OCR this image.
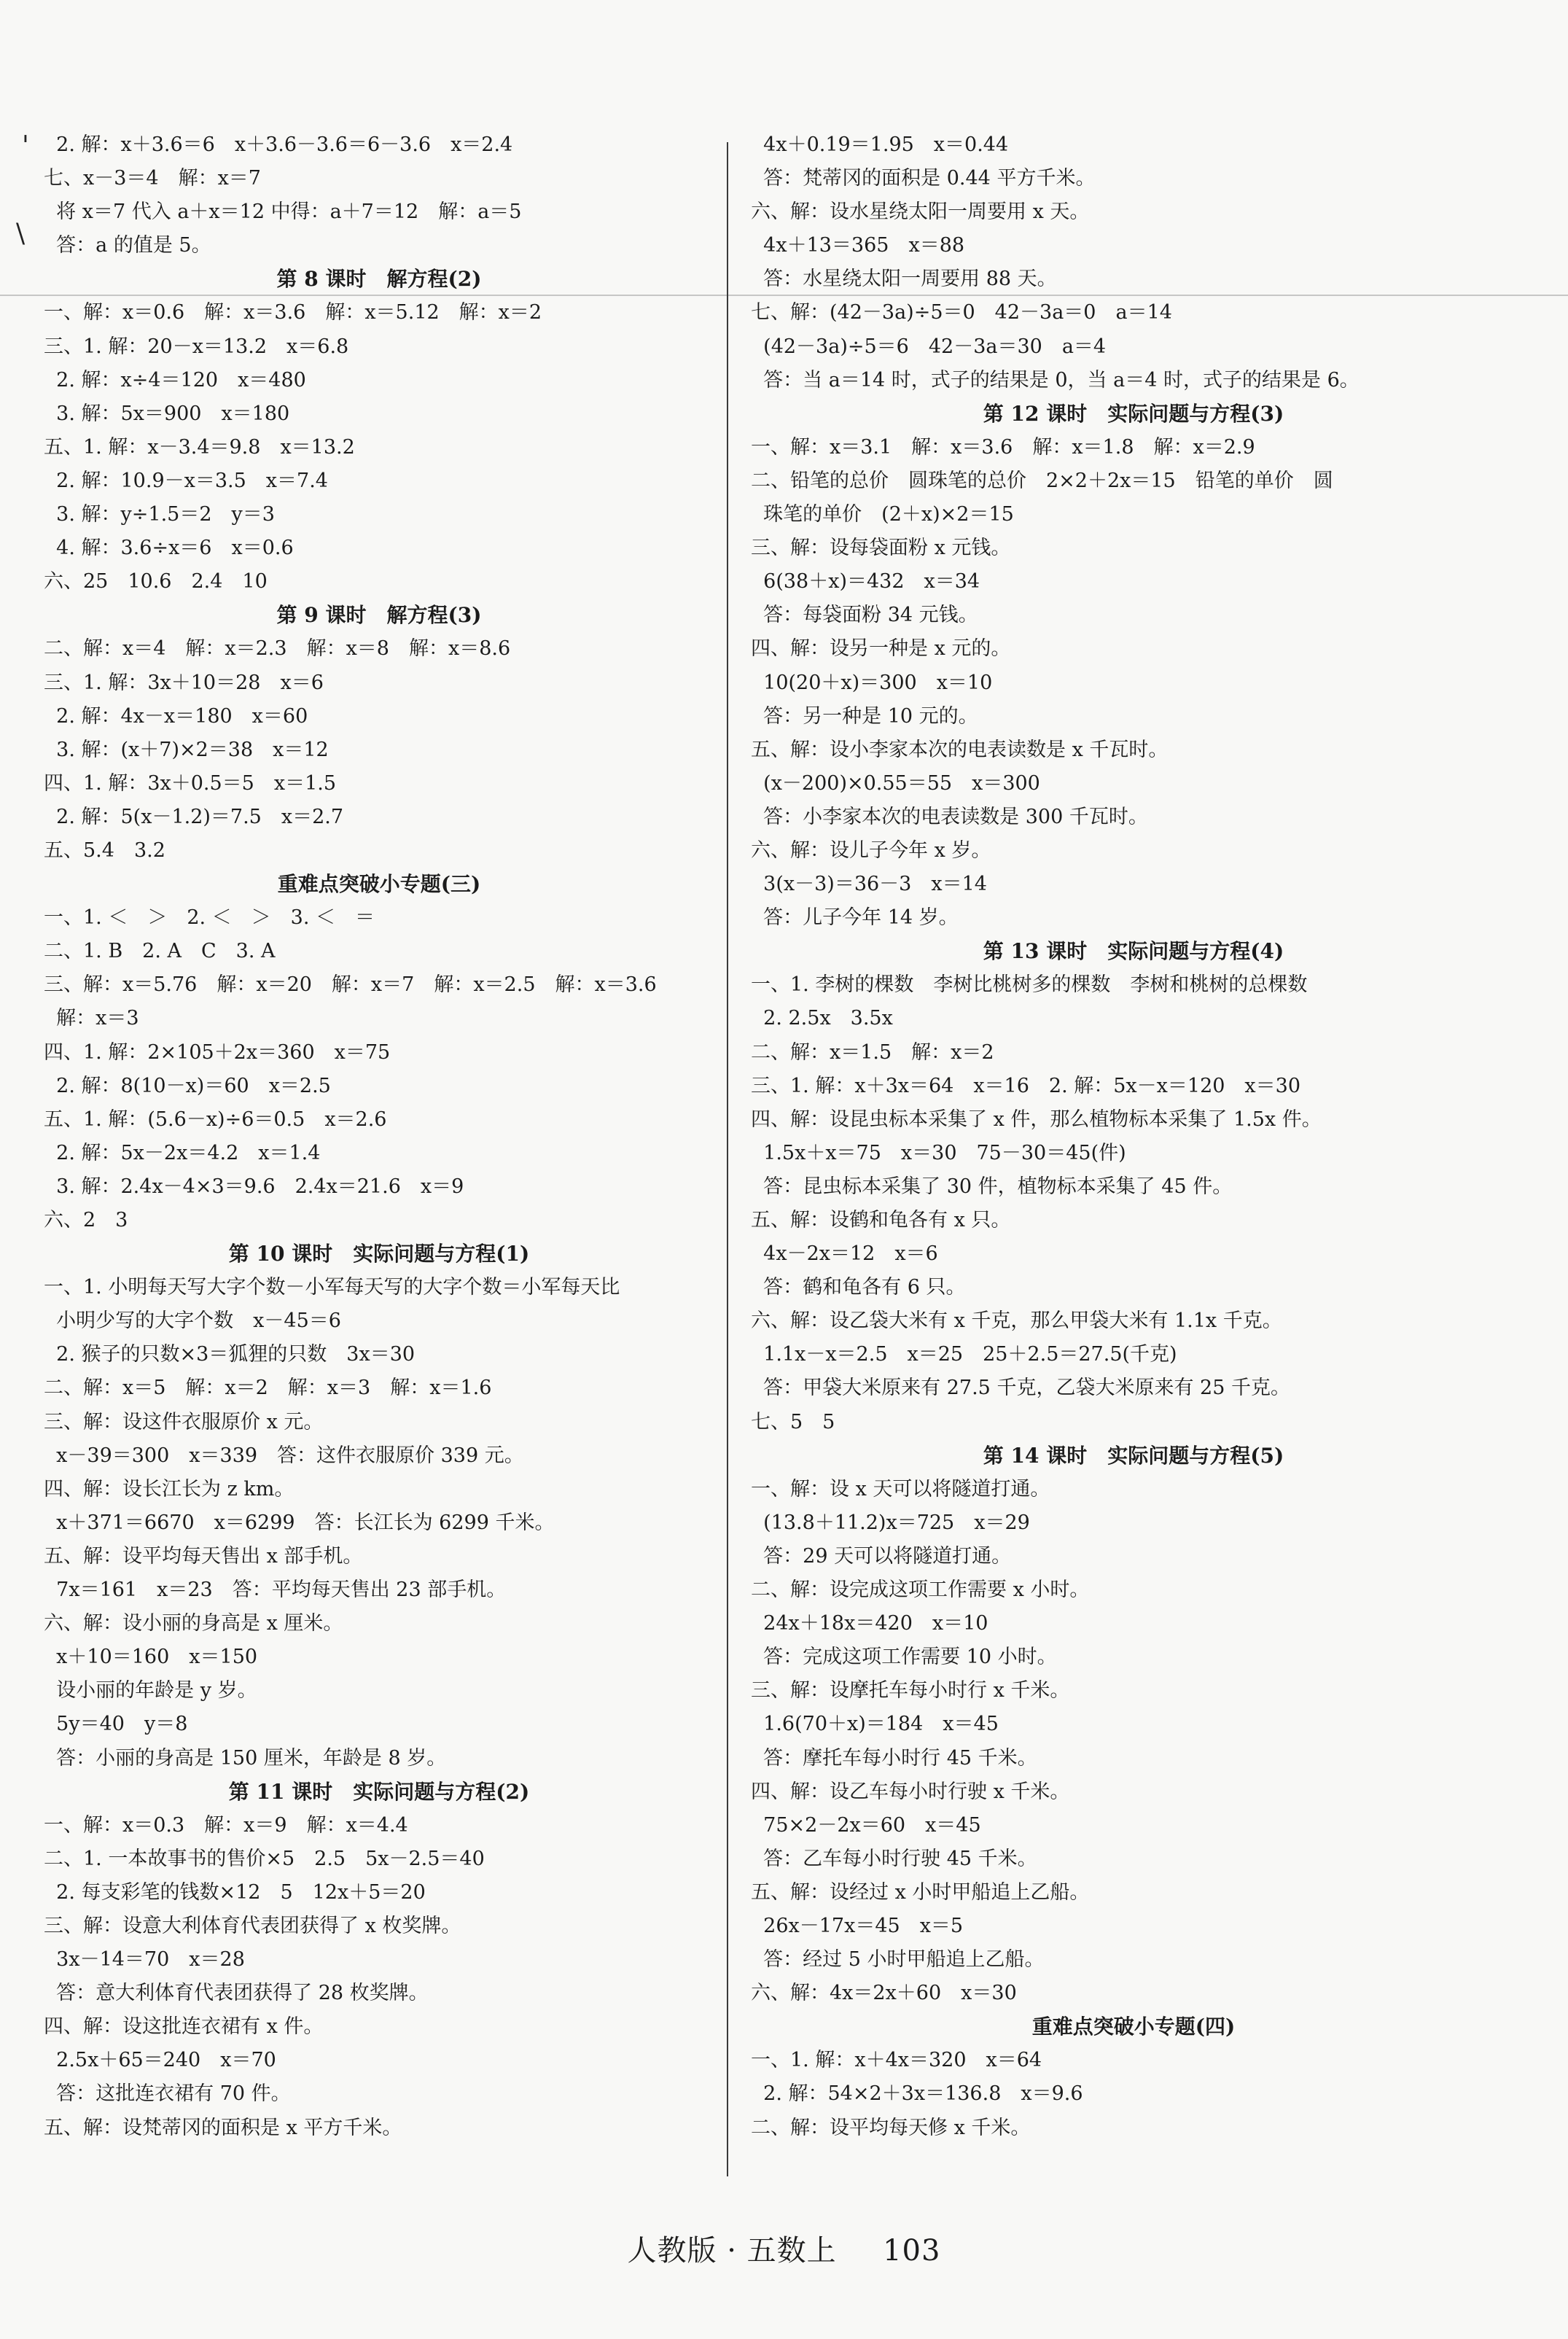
'
\
2. 解：x＋3.6＝6　x＋3.6－3.6＝6－3.6　x＝2.4
七、x－3＝4　解：x＝7
将 x＝7 代入 a＋x＝12 中得：a＋7＝12　解：a＝5
答：a 的值是 5。
第 8 课时　解方程(2)
一、解：x＝0.6　解：x＝3.6　解：x＝5.12　解：x＝2
三、1. 解：20－x＝13.2　x＝6.8
2. 解：x÷4＝120　x＝480
3. 解：5x＝900　x＝180
五、1. 解：x－3.4＝9.8　x＝13.2
2. 解：10.9－x＝3.5　x＝7.4
3. 解：y÷1.5＝2　y＝3
4. 解：3.6÷x＝6　x＝0.6
六、25　10.6　2.4　10
第 9 课时　解方程(3)
二、解：x＝4　解：x＝2.3　解：x＝8　解：x＝8.6
三、1. 解：3x＋10＝28　x＝6
2. 解：4x－x＝180　x＝60
3. 解：(x＋7)×2＝38　x＝12
四、1. 解：3x＋0.5＝5　x＝1.5
2. 解：5(x－1.2)＝7.5　x＝2.7
五、5.4　3.2
重难点突破小专题(三)
一、1. ＜　＞　2. ＜　＞　3. ＜　＝
二、1. B　2. A　C　3. A
三、解：x＝5.76　解：x＝20　解：x＝7　解：x＝2.5　解：x＝3.6
解：x＝3
四、1. 解：2×105＋2x＝360　x＝75
2. 解：8(10－x)＝60　x＝2.5
五、1. 解：(5.6－x)÷6＝0.5　x＝2.6
2. 解：5x－2x＝4.2　x＝1.4
3. 解：2.4x－4×3＝9.6　2.4x＝21.6　x＝9
六、2　3
第 10 课时　实际问题与方程(1)
一、1. 小明每天写大字个数－小军每天写的大字个数＝小军每天比
小明少写的大字个数　x－45＝6
2. 猴子的只数×3＝狐狸的只数　3x＝30
二、解：x＝5　解：x＝2　解：x＝3　解：x＝1.6
三、解：设这件衣服原价 x 元。
x－39＝300　x＝339　答：这件衣服原价 339 元。
四、解：设长江长为 z km。
x＋371＝6670　x＝6299　答：长江长为 6299 千米。
五、解：设平均每天售出 x 部手机。
7x＝161　x＝23　答：平均每天售出 23 部手机。
六、解：设小丽的身高是 x 厘米。
x＋10＝160　x＝150
设小丽的年龄是 y 岁。
5y＝40　y＝8
答：小丽的身高是 150 厘米，年龄是 8 岁。
第 11 课时　实际问题与方程(2)
一、解：x＝0.3　解：x＝9　解：x＝4.4
二、1. 一本故事书的售价×5　2.5　5x－2.5＝40
2. 每支彩笔的钱数×12　5　12x＋5＝20
三、解：设意大利体育代表团获得了 x 枚奖牌。
3x－14＝70　x＝28
答：意大利体育代表团获得了 28 枚奖牌。
四、解：设这批连衣裙有 x 件。
2.5x＋65＝240　x＝70
答：这批连衣裙有 70 件。
五、解：设梵蒂冈的面积是 x 平方千米。
4x＋0.19＝1.95　x＝0.44
答：梵蒂冈的面积是 0.44 平方千米。
六、解：设水星绕太阳一周要用 x 天。
4x＋13＝365　x＝88
答：水星绕太阳一周要用 88 天。
七、解：(42－3a)÷5＝0　42－3a＝0　a＝14
(42－3a)÷5＝6　42－3a＝30　a＝4
答：当 a＝14 时，式子的结果是 0，当 a＝4 时，式子的结果是 6。
第 12 课时　实际问题与方程(3)
一、解：x＝3.1　解：x＝3.6　解：x＝1.8　解：x＝2.9
二、铅笔的总价　圆珠笔的总价　2×2＋2x＝15　铅笔的单价　圆
珠笔的单价　(2＋x)×2＝15
三、解：设每袋面粉 x 元钱。
6(38＋x)＝432　x＝34
答：每袋面粉 34 元钱。
四、解：设另一种是 x 元的。
10(20＋x)＝300　x＝10
答：另一种是 10 元的。
五、解：设小李家本次的电表读数是 x 千瓦时。
(x－200)×0.55＝55　x＝300
答：小李家本次的电表读数是 300 千瓦时。
六、解：设儿子今年 x 岁。
3(x－3)＝36－3　x＝14
答：儿子今年 14 岁。
第 13 课时　实际问题与方程(4)
一、1. 李树的棵数　李树比桃树多的棵数　李树和桃树的总棵数
2. 2.5x　3.5x
二、解：x＝1.5　解：x＝2
三、1. 解：x＋3x＝64　x＝16　2. 解：5x－x＝120　x＝30
四、解：设昆虫标本采集了 x 件，那么植物标本采集了 1.5x 件。
1.5x＋x＝75　x＝30　75－30＝45(件)
答：昆虫标本采集了 30 件，植物标本采集了 45 件。
五、解：设鹤和龟各有 x 只。
4x－2x＝12　x＝6
答：鹤和龟各有 6 只。
六、解：设乙袋大米有 x 千克，那么甲袋大米有 1.1x 千克。
1.1x－x＝2.5　x＝25　25＋2.5＝27.5(千克)
答：甲袋大米原来有 27.5 千克，乙袋大米原来有 25 千克。
七、5　5
第 14 课时　实际问题与方程(5)
一、解：设 x 天可以将隧道打通。
(13.8＋11.2)x＝725　x＝29
答：29 天可以将隧道打通。
二、解：设完成这项工作需要 x 小时。
24x＋18x＝420　x＝10
答：完成这项工作需要 10 小时。
三、解：设摩托车每小时行 x 千米。
1.6(70＋x)＝184　x＝45
答：摩托车每小时行 45 千米。
四、解：设乙车每小时行驶 x 千米。
75×2－2x＝60　x＝45
答：乙车每小时行驶 45 千米。
五、解：设经过 x 小时甲船追上乙船。
26x－17x＝45　x＝5
答：经过 5 小时甲船追上乙船。
六、解：4x＝2x＋60　x＝30
重难点突破小专题(四)
一、1. 解：x＋4x＝320　x＝64
2. 解：54×2＋3x＝136.8　x＝9.6
二、解：设平均每天修 x 千米。
人教版 · 五数上 103
